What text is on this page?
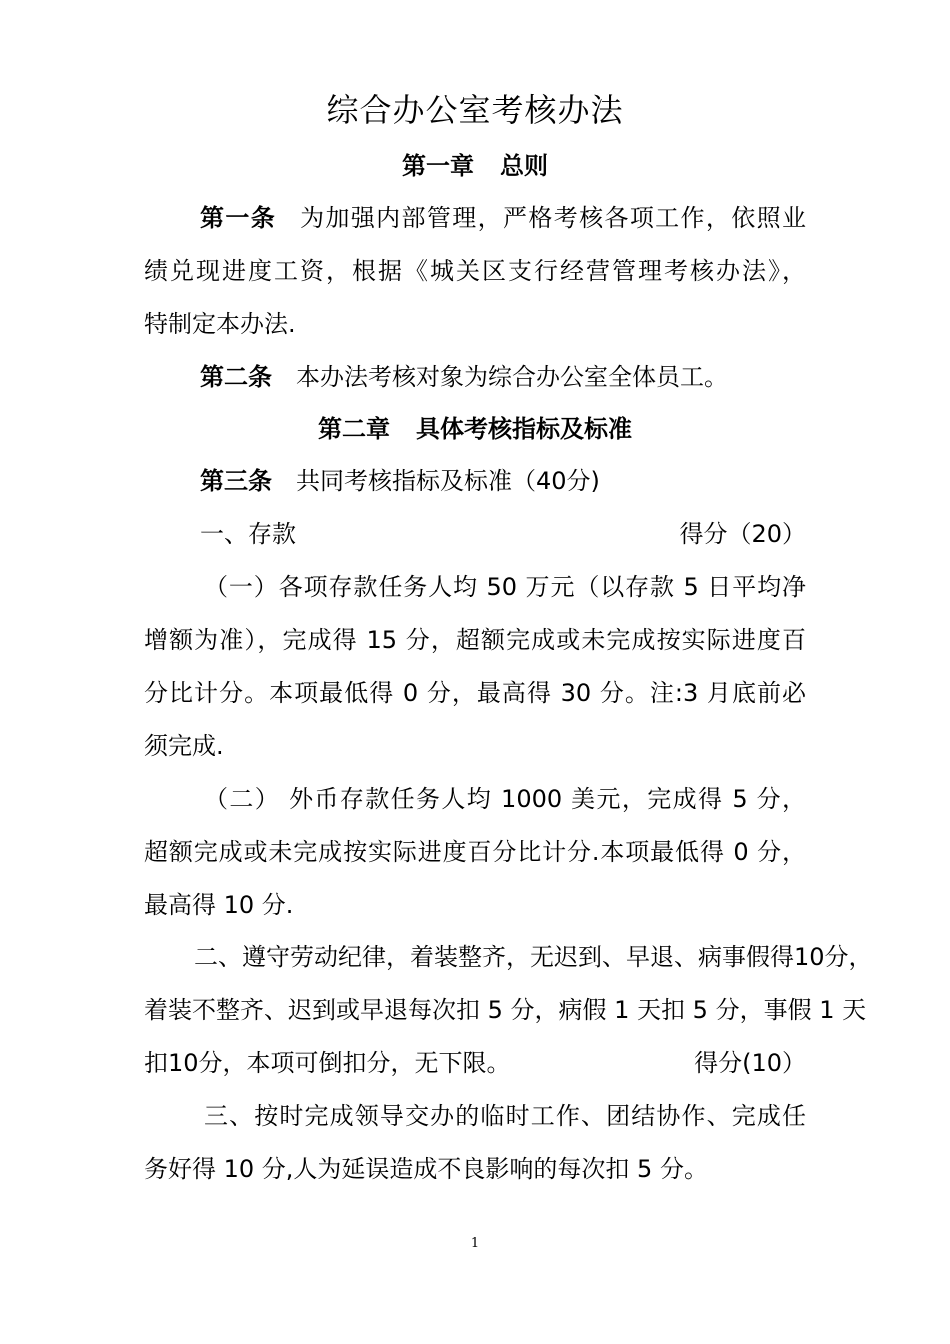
综合办公室考核办法
第一章 总则
第一条 为加强内部管理，严格考核各项工作，依照业
绩兑现进度工资，根据《城关区支行经营管理考核办法》，
特制定本办法.
第二条 本办法考核对象为综合办公室全体员工。
第二章 具体考核指标及标准
第三条 共同考核指标及标准（40分)
一、存款	得分（20）
（一）各项存款任务人均 50 万元（以存款 5 日平均净
增额为准），完成得 15 分，超额完成或未完成按实际进度百
分比计分。本项最低得 0 分，最高得 30 分。注:3 月底前必
须完成.
（二） 外币存款任务人均 1000 美元，完成得 5 分，
超额完成或未完成按实际进度百分比计分.本项最低得 0 分，
最高得 10 分.
二、遵守劳动纪律，着装整齐，无迟到、早退、病事假得10分，
着装不整齐、迟到或早退每次扣 5 分，病假 1 天扣 5 分，事假 1 天
扣10分，本项可倒扣分，无下限。	得分(10）
三、按时完成领导交办的临时工作、团结协作、完成任
务好得 10 分,人为延误造成不良影响的每次扣 5 分。
1
